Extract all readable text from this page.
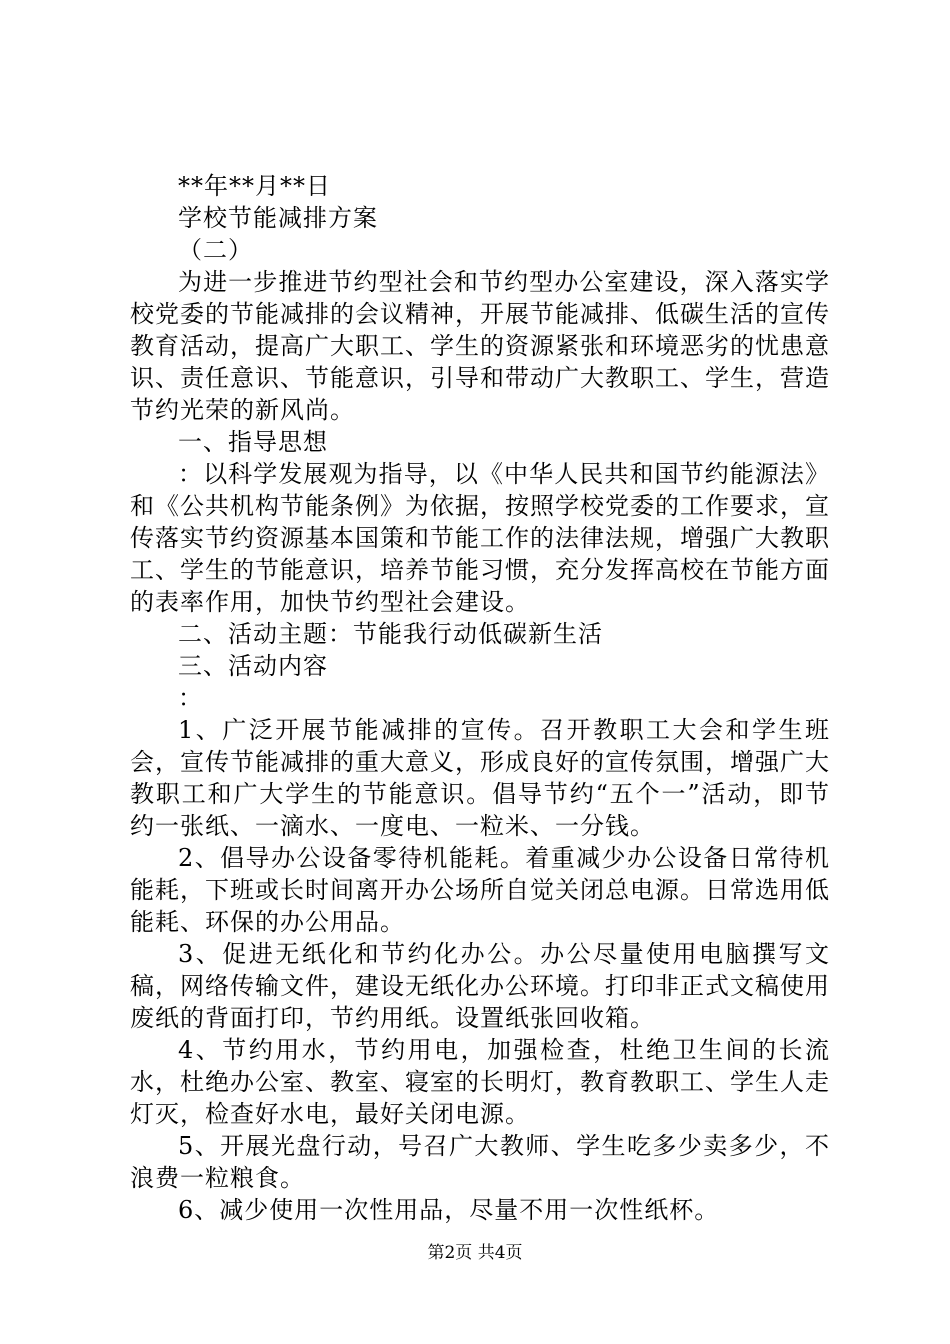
**年**月**日

学校节能减排方案

（二）

为进一步推进节约型社会和节约型办公室建设，深入落实学校党委的节能减排的会议精神，开展节能减排、低碳生活的宣传教育活动，提高广大职工、学生的资源紧张和环境恶劣的忧患意识、责任意识、节能意识，引导和带动广大教职工、学生，营造节约光荣的新风尚。

一、指导思想

：以科学发展观为指导，以《中华人民共和国节约能源法》和《公共机构节能条例》为依据，按照学校党委的工作要求，宣传落实节约资源基本国策和节能工作的法律法规，增强广大教职工、学生的节能意识，培养节能习惯，充分发挥高校在节能方面的表率作用，加快节约型社会建设。

二、活动主题：节能我行动低碳新生活

三、活动内容

：

1、广泛开展节能减排的宣传。召开教职工大会和学生班会，宣传节能减排的重大意义，形成良好的宣传氛围，增强广大教职工和广大学生的节能意识。倡导节约“五个一”活动，即节约一张纸、一滴水、一度电、一粒米、一分钱。

2、倡导办公设备零待机能耗。着重减少办公设备日常待机能耗，下班或长时间离开办公场所自觉关闭总电源。日常选用低能耗、环保的办公用品。

3、促进无纸化和节约化办公。办公尽量使用电脑撰写文稿，网络传输文件，建设无纸化办公环境。打印非正式文稿使用废纸的背面打印，节约用纸。设置纸张回收箱。

4、节约用水，节约用电，加强检查，杜绝卫生间的长流水，杜绝办公室、教室、寝室的长明灯，教育教职工、学生人走灯灭，检查好水电，最好关闭电源。

5、开展光盘行动，号召广大教师、学生吃多少卖多少，不浪费一粒粮食。

6、减少使用一次性用品，尽量不用一次性纸杯。

第2页 共4页
